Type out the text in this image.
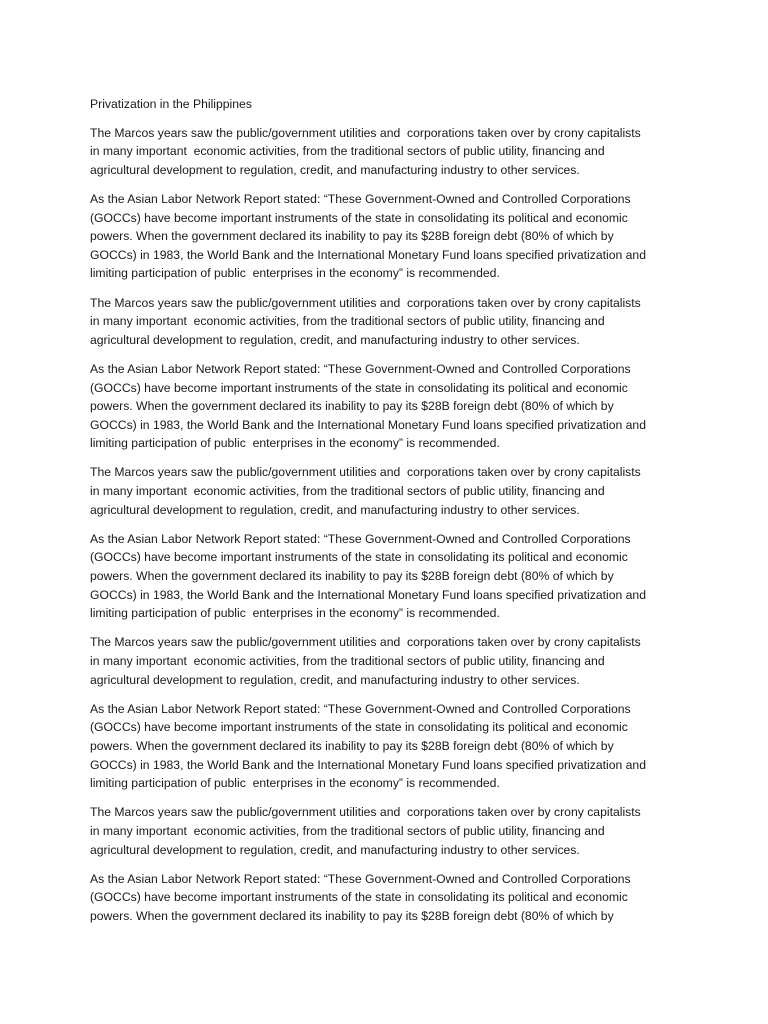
Privatization in the Philippines
The Marcos years saw the public/government utilities and  corporations taken over by crony capitalists
in many important  economic activities, from the traditional sectors of public utility, financing and
agricultural development to regulation, credit, and manufacturing industry to other services.
As the Asian Labor Network Report stated: “These Government-Owned and Controlled Corporations
(GOCCs) have become important instruments of the state in consolidating its political and economic
powers. When the government declared its inability to pay its $28B foreign debt (80% of which by
GOCCs) in 1983, the World Bank and the International Monetary Fund loans specified privatization and
limiting participation of public  enterprises in the economy” is recommended.
The Marcos years saw the public/government utilities and  corporations taken over by crony capitalists
in many important  economic activities, from the traditional sectors of public utility, financing and
agricultural development to regulation, credit, and manufacturing industry to other services.
As the Asian Labor Network Report stated: “These Government-Owned and Controlled Corporations
(GOCCs) have become important instruments of the state in consolidating its political and economic
powers. When the government declared its inability to pay its $28B foreign debt (80% of which by
GOCCs) in 1983, the World Bank and the International Monetary Fund loans specified privatization and
limiting participation of public  enterprises in the economy” is recommended.
The Marcos years saw the public/government utilities and  corporations taken over by crony capitalists
in many important  economic activities, from the traditional sectors of public utility, financing and
agricultural development to regulation, credit, and manufacturing industry to other services.
As the Asian Labor Network Report stated: “These Government-Owned and Controlled Corporations
(GOCCs) have become important instruments of the state in consolidating its political and economic
powers. When the government declared its inability to pay its $28B foreign debt (80% of which by
GOCCs) in 1983, the World Bank and the International Monetary Fund loans specified privatization and
limiting participation of public  enterprises in the economy” is recommended.
The Marcos years saw the public/government utilities and  corporations taken over by crony capitalists
in many important  economic activities, from the traditional sectors of public utility, financing and
agricultural development to regulation, credit, and manufacturing industry to other services.
As the Asian Labor Network Report stated: “These Government-Owned and Controlled Corporations
(GOCCs) have become important instruments of the state in consolidating its political and economic
powers. When the government declared its inability to pay its $28B foreign debt (80% of which by
GOCCs) in 1983, the World Bank and the International Monetary Fund loans specified privatization and
limiting participation of public  enterprises in the economy” is recommended.
The Marcos years saw the public/government utilities and  corporations taken over by crony capitalists
in many important  economic activities, from the traditional sectors of public utility, financing and
agricultural development to regulation, credit, and manufacturing industry to other services.
As the Asian Labor Network Report stated: “These Government-Owned and Controlled Corporations
(GOCCs) have become important instruments of the state in consolidating its political and economic
powers. When the government declared its inability to pay its $28B foreign debt (80% of which by
